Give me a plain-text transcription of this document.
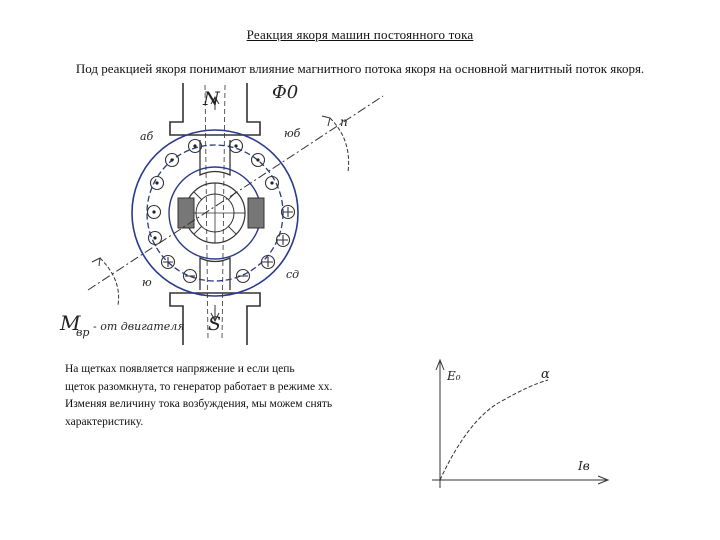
Реакция якоря машин постоянного тока
Под реакцией якоря понимают влияние магнитного потока якоря на основной магнитный поток якоря.
N
S
Φ0
n
аб	юб
ю
сд
M
вр - от двигателя
Е₀
Iв
α
На щетках появляется напряжение и если цепь
щеток разомкнута, то генератор работает в режиме хх.
Изменяя величину тока возбуждения, мы можем снять
характеристику.
